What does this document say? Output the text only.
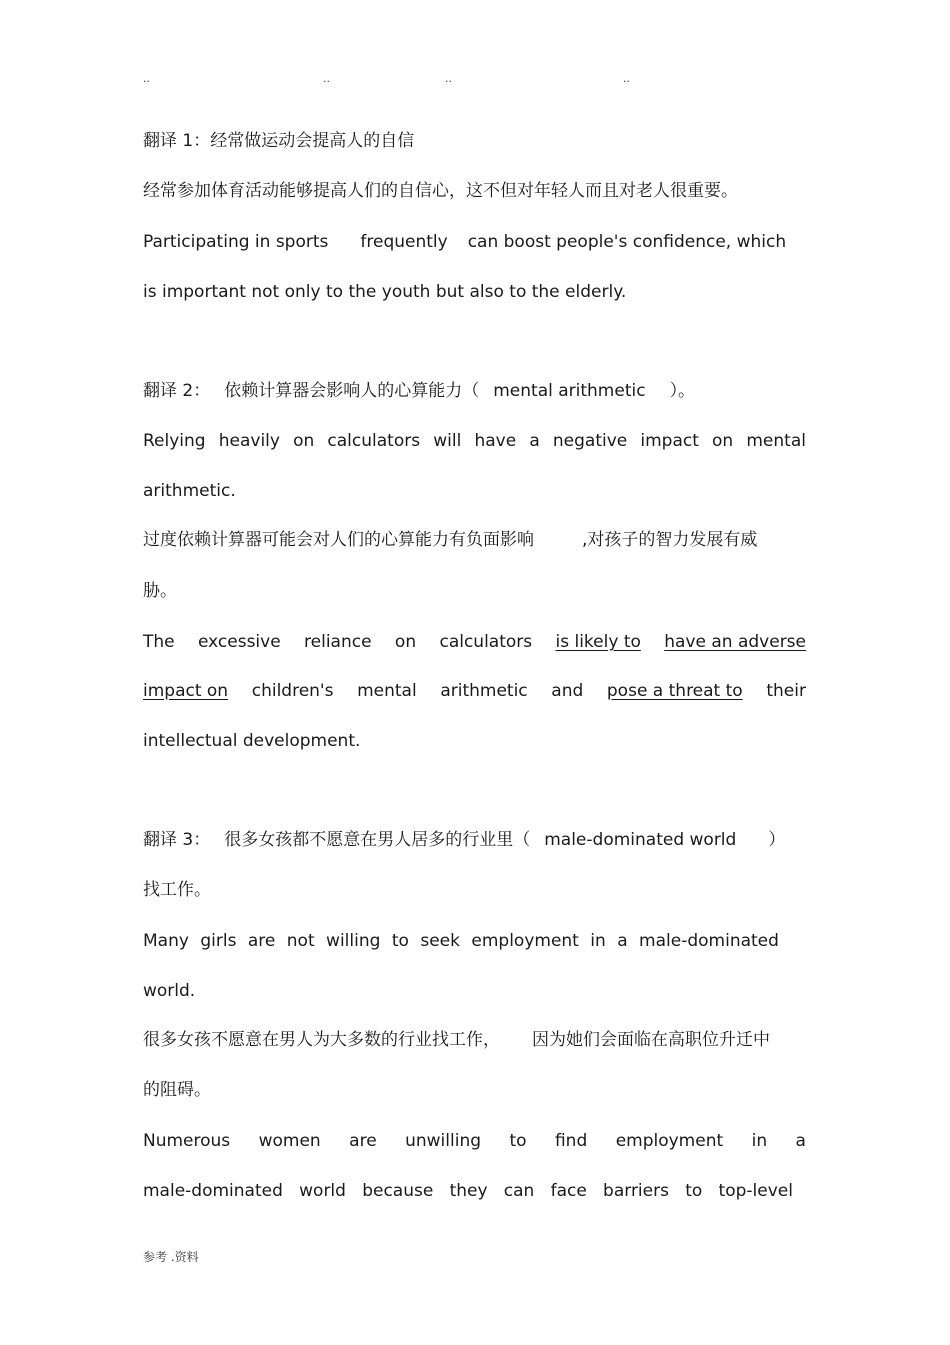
..	..	..	..
翻译 1：经常做运动会提高人的自信
经常参加体育活动能够提高人们的自信心，这不但对年轻人而且对老人很重要。
Participating in sports frequently can boost people's confidence, which
is important not only to the youth but also to the elderly.
翻译 2： 依赖计算器会影响人的心算能力（ mental arithmetic ）。
Relying heavily on calculators will have a negative impact on mental
arithmetic.
过度依赖计算器可能会对人们的心算能力有负面影响	,对孩子的智力发展有威
胁。
The excessive reliance on calculators is likely to have an adverse
impact on children's mental arithmetic and pose a threat to their
intellectual development.
翻译 3： 很多女孩都不愿意在男人居多的行业里（ male-dominated world ）
找工作。
Many girls are not willing to seek employment in a male-dominated
world.
很多女孩不愿意在男人为大多数的行业找工作， 因为她们会面临在高职位升迁中
的阻碍。
Numerous women are unwilling to find employment in a
male-dominated world because they can face barriers to top-level
参考 .资料
